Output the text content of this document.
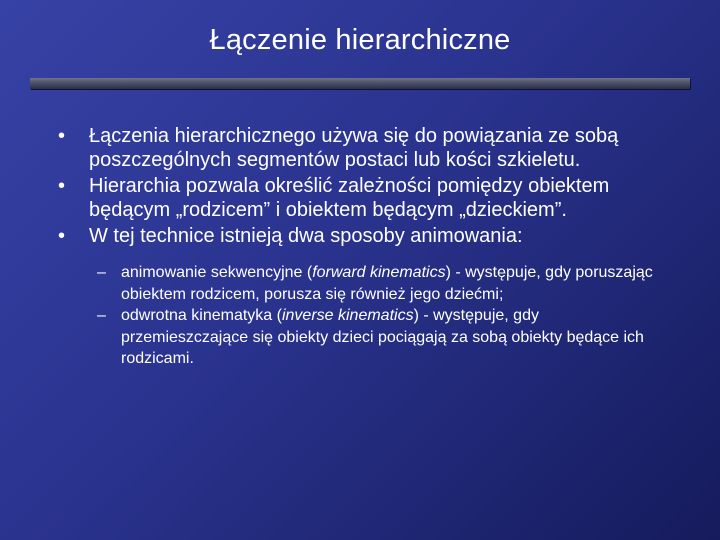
Łączenie hierarchiczne
• Łączenia hierarchicznego używa się do powiązania ze sobą poszczególnych segmentów postaci lub kości szkieletu.
• Hierarchia pozwala określić zależności pomiędzy obiektem będącym „rodzicem” i obiektem będącym „dzieckiem”.
• W tej technice istnieją dwa sposoby animowania:
– animowanie sekwencyjne (forward kinematics) - występuje, gdy poruszając obiektem rodzicem, porusza się również jego dziećmi;
– odwrotna kinematyka (inverse kinematics) - występuje, gdy przemieszczające się obiekty dzieci pociągają za sobą obiekty będące ich rodzicami.
